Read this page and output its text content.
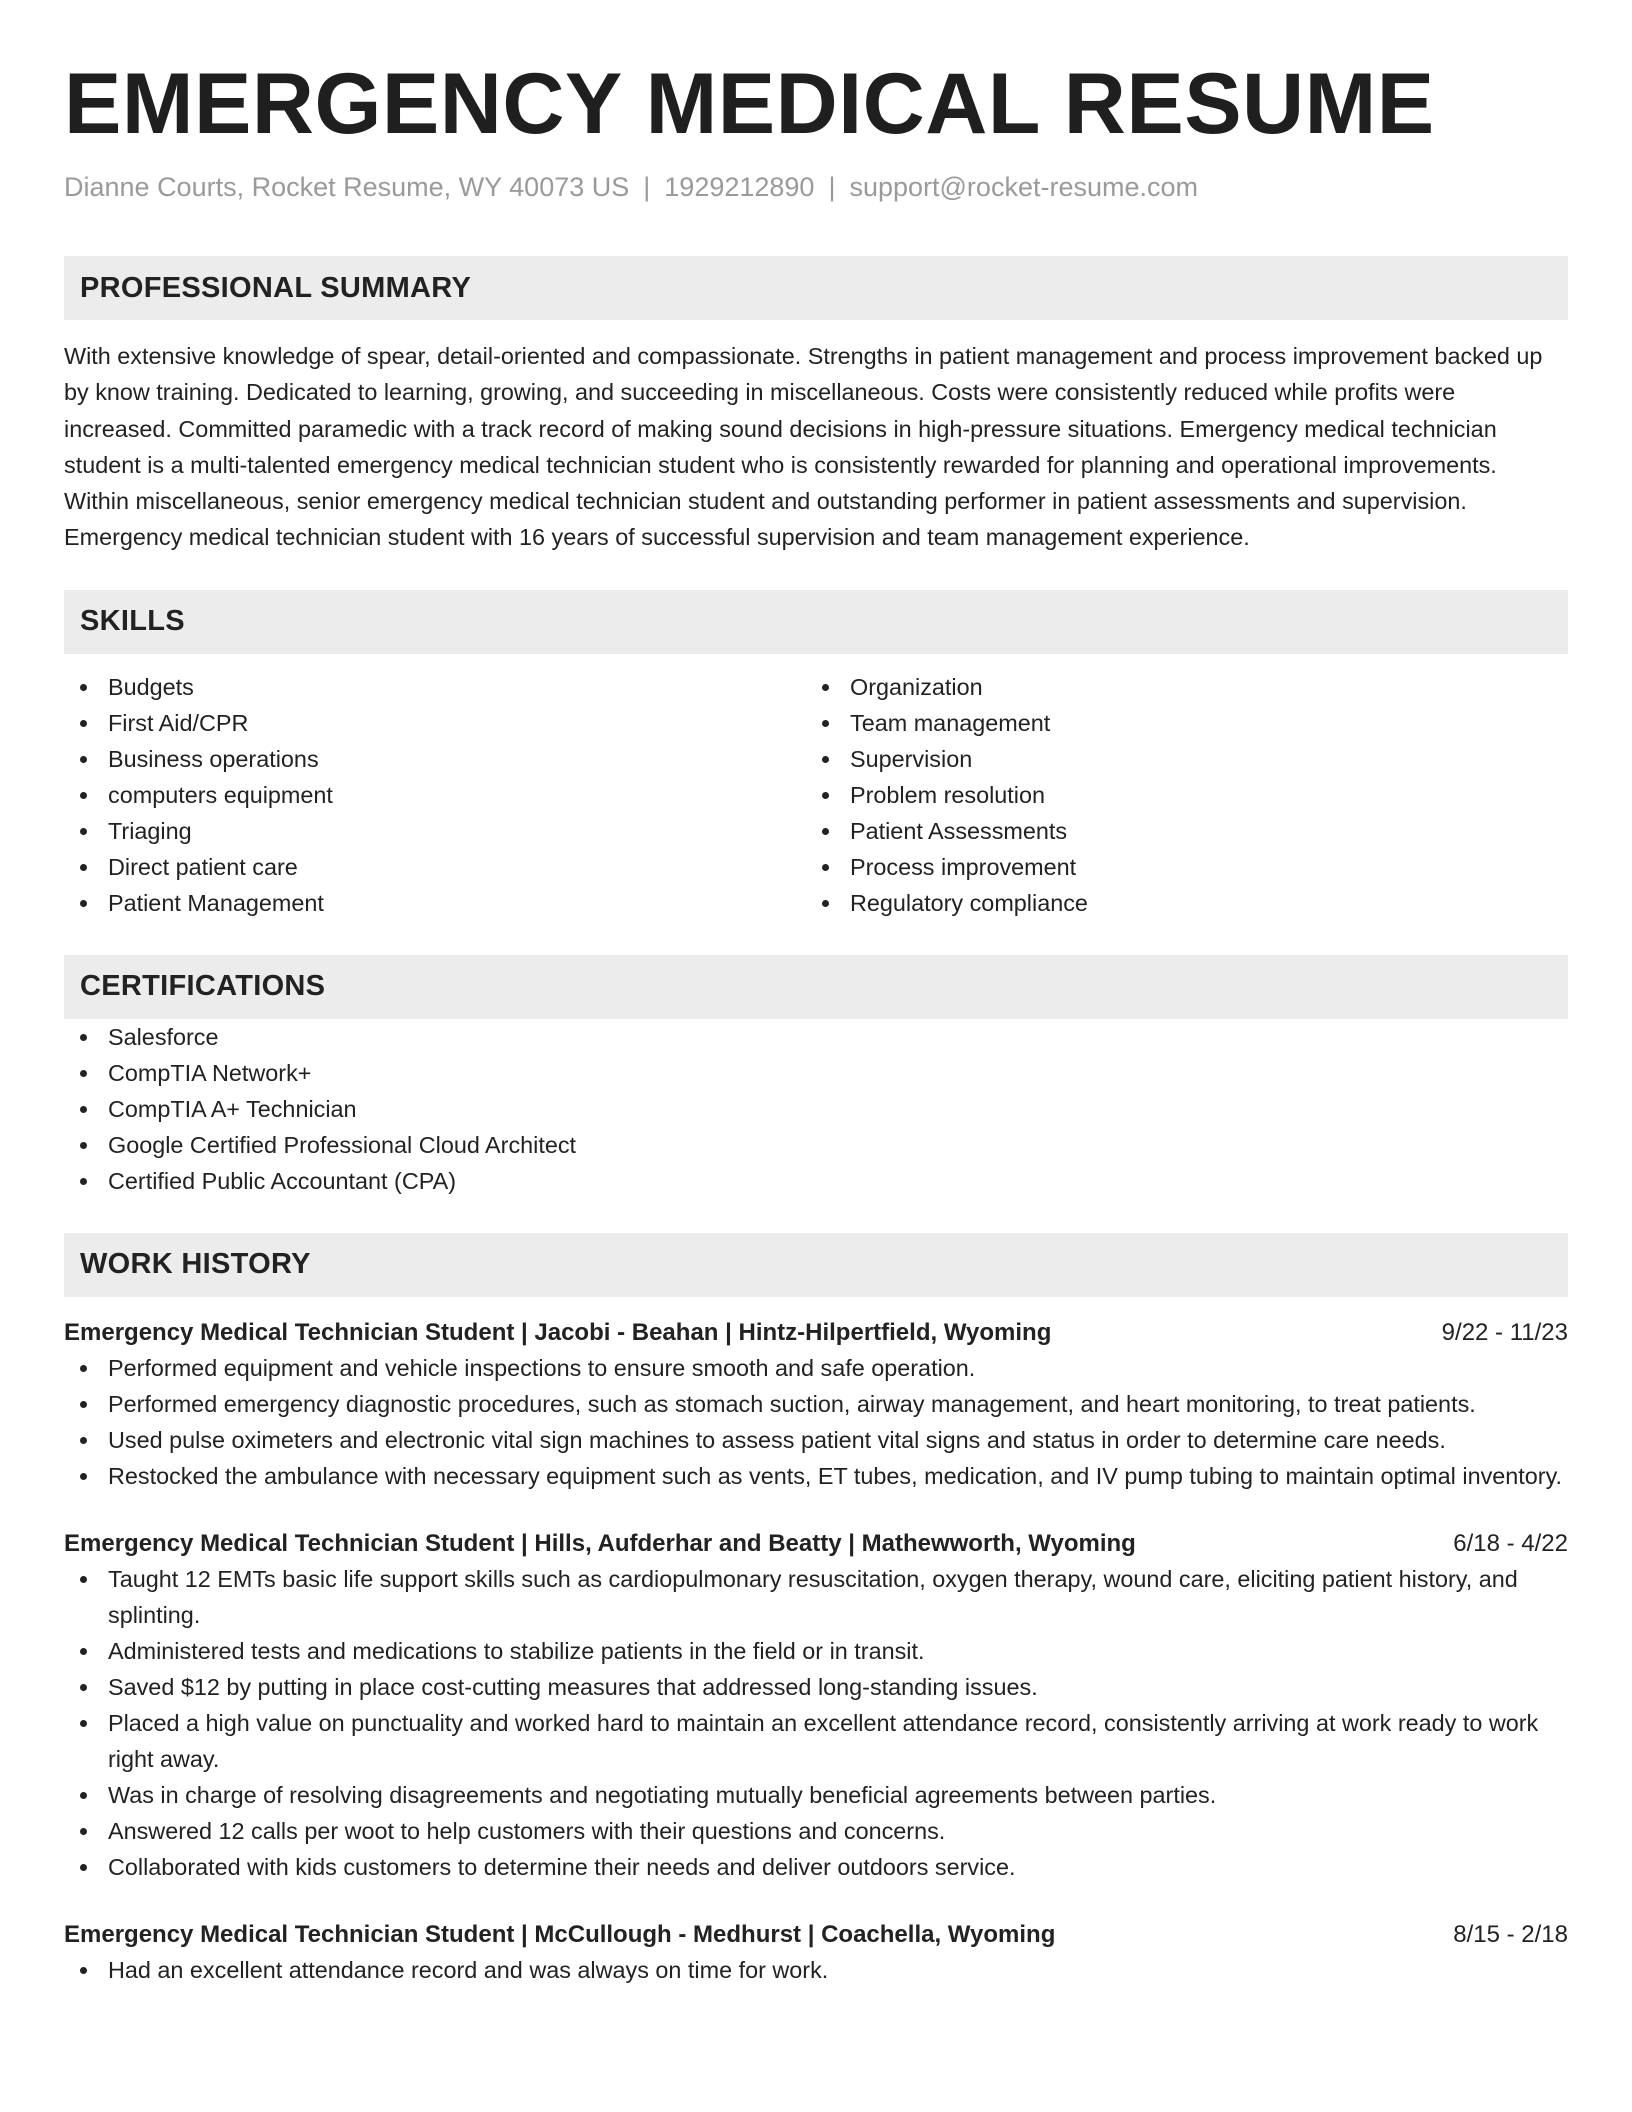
EMERGENCY MEDICAL RESUME
Dianne Courts, Rocket Resume, WY 40073 US | 1929212890 | support@rocket-resume.com
PROFESSIONAL SUMMARY

With extensive knowledge of spear, detail-oriented and compassionate. Strengths in patient management and process improvement backed up by know training. Dedicated to learning, growing, and succeeding in miscellaneous. Costs were consistently reduced while profits were increased. Committed paramedic with a track record of making sound decisions in high-pressure situations. Emergency medical technician student is a multi-talented emergency medical technician student who is consistently rewarded for planning and operational improvements. Within miscellaneous, senior emergency medical technician student and outstanding performer in patient assessments and supervision. Emergency medical technician student with 16 years of successful supervision and team management experience.

SKILLS
Budgets
First Aid/CPR
Business operations
computers equipment
Triaging
Direct patient care
Patient Management
Organization
Team management
Supervision
Problem resolution
Patient Assessments
Process improvement
Regulatory compliance
CERTIFICATIONS
Salesforce
CompTIA Network+
CompTIA A+ Technician
Google Certified Professional Cloud Architect
Certified Public Accountant (CPA)
WORK HISTORY
Emergency Medical Technician Student | Jacobi - Beahan | Hintz-Hilpertfield, Wyoming	9/22 - 11/23
Performed equipment and vehicle inspections to ensure smooth and safe operation.
Performed emergency diagnostic procedures, such as stomach suction, airway management, and heart monitoring, to treat patients.
Used pulse oximeters and electronic vital sign machines to assess patient vital signs and status in order to determine care needs.
Restocked the ambulance with necessary equipment such as vents, ET tubes, medication, and IV pump tubing to maintain optimal inventory.
Emergency Medical Technician Student | Hills, Aufderhar and Beatty | Mathewworth, Wyoming	6/18 - 4/22
Taught 12 EMTs basic life support skills such as cardiopulmonary resuscitation, oxygen therapy, wound care, eliciting patient history, and splinting.
Administered tests and medications to stabilize patients in the field or in transit.
Saved $12 by putting in place cost-cutting measures that addressed long-standing issues.
Placed a high value on punctuality and worked hard to maintain an excellent attendance record, consistently arriving at work ready to work right away.
Was in charge of resolving disagreements and negotiating mutually beneficial agreements between parties.
Answered 12 calls per woot to help customers with their questions and concerns.
Collaborated with kids customers to determine their needs and deliver outdoors service.
Emergency Medical Technician Student | McCullough - Medhurst | Coachella, Wyoming	8/15 - 2/18
Had an excellent attendance record and was always on time for work.
